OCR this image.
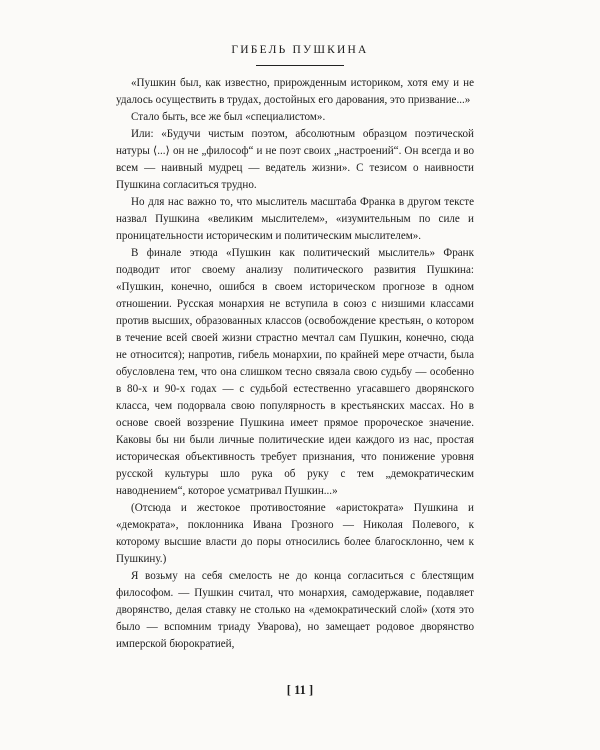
ГИБЕЛЬ ПУШКИНА

«Пушкин был, как известно, прирожденным историком, хотя ему и не удалось осуществить в трудах, достойных его дарования, это призвание...»

Стало быть, все же был «специалистом».

Или: «Будучи чистым поэтом, абсолютным образцом поэтической натуры ⟨...⟩ он не „философ“ и не поэт своих „настроений“. Он всегда и во всем — наивный мудрец — ведатель жизни». С тезисом о наивности Пушкина согласиться трудно.

Но для нас важно то, что мыслитель масштаба Франка в другом тексте назвал Пушкина «великим мыслителем», «изумительным по силе и проницательности историческим и политическим мыслителем».

В финале этюда «Пушкин как политический мыслитель» Франк подводит итог своему анализу политического развития Пушкина: «Пушкин, конечно, ошибся в своем историческом прогнозе в одном отношении. Русская монархия не вступила в союз с низшими классами против высших, образованных классов (освобождение крестьян, о котором в течение всей своей жизни страстно мечтал сам Пушкин, конечно, сюда не относится); напротив, гибель монархии, по крайней мере отчасти, была обусловлена тем, что она слишком тесно связала свою судьбу — особенно в 80-х и 90-х годах — с судьбой естественно угасавшего дворянского класса, чем подорвала свою популярность в крестьянских массах. Но в основе своей воззрение Пушкина имеет прямое пророческое значение. Каковы бы ни были личные политические идеи каждого из нас, простая историческая объективность требует признания, что понижение уровня русской культуры шло рука об руку с тем „демократическим наводнением“, которое усматривал Пушкин...»

(Отсюда и жестокое противостояние «аристократа» Пушкина и «демократа», поклонника Ивана Грозного — Николая Полевого, к которому высшие власти до поры относились более благосклонно, чем к Пушкину.)

Я возьму на себя смелость не до конца согласиться с блестящим философом. — Пушкин считал, что монархия, самодержавие, подавляет дворянство, делая ставку не столько на «демократический слой» (хотя это было — вспомним триаду Уварова), но замещает родовое дворянство имперской бюрократией,

[ 11 ]
